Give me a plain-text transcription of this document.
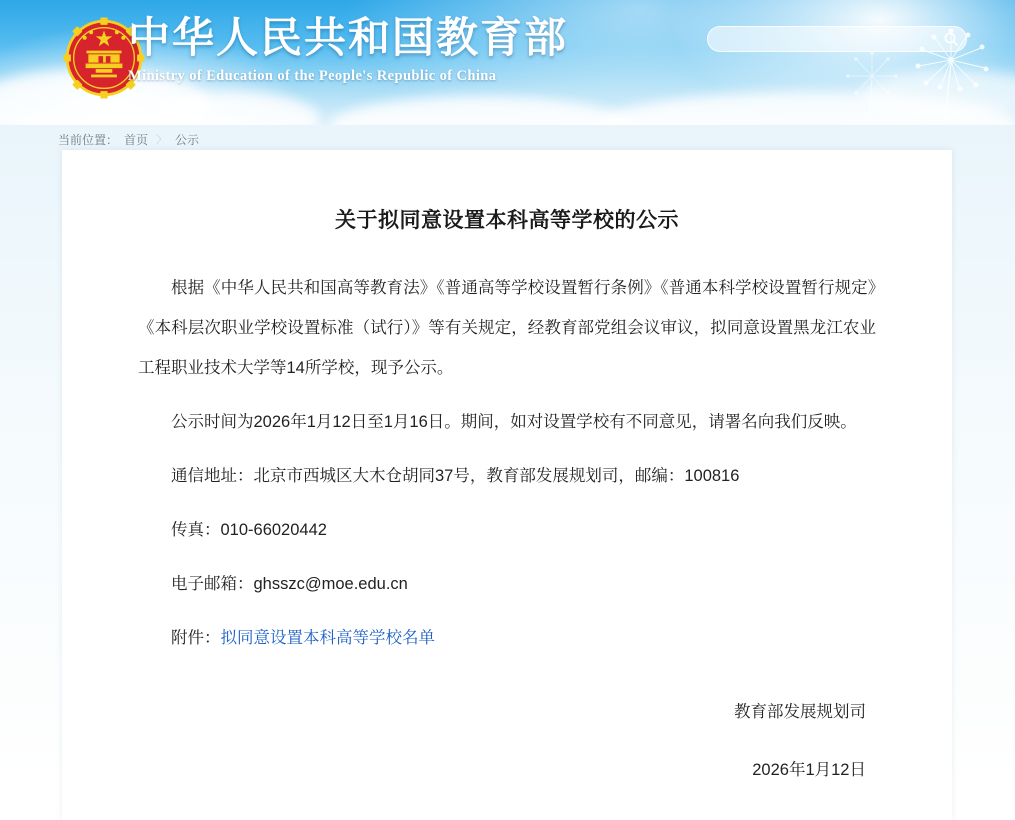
中华人民共和国教育部
Ministry of Education of the People's Republic of China
当前位置： 首页 〉 公示
关于拟同意设置本科高等学校的公示

根据《中华人民共和国高等教育法》《普通高等学校设置暂行条例》《普通本科学校设置暂行规定》《本科层次职业学校设置标准（试行）》等有关规定，经教育部党组会议审议，拟同意设置黑龙江农业工程职业技术大学等14所学校，现予公示。

公示时间为2026年1月12日至1月16日。期间，如对设置学校有不同意见，请署名向我们反映。

通信地址：北京市西城区大木仓胡同37号，教育部发展规划司，邮编：100816

传真：010-66020442

电子邮箱：ghsszc@moe.edu.cn

附件：拟同意设置本科高等学校名单

教育部发展规划司
2026年1月12日
